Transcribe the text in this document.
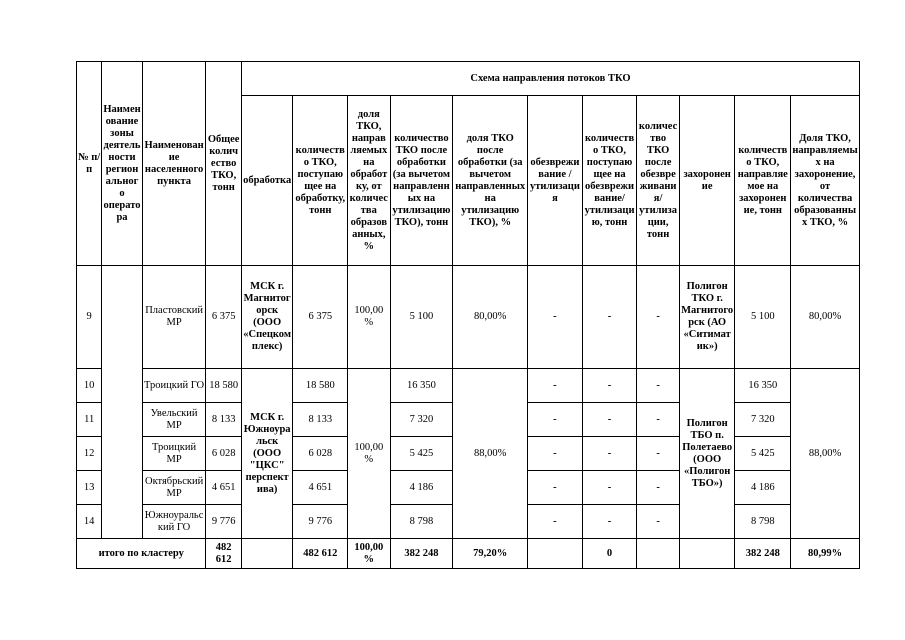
№ п/п	Наименование зоны деятельности регионального оператора	Наименование населенного пункта	Общее количество ТКО, тонн	Схема направления потоков ТКО										
				обработка	количество ТКО, поступающее на обработку, тонн	доля ТКО, направляемых на обработку, от количества образованных, %	количество ТКО после обработки (за вычетом направленных на утилизацию ТКО), тонн	доля ТКО после обработки (за вычетом направленных на утилизацию ТКО), %	обезвреживание / утилизация	количество ТКО, поступающее на обезвреживание/утилизацию, тонн	количество ТКО после обезвреживания/утилизации, тонн	захоронение	количество ТКО, направляемое на захоронение, тонн	Доля ТКО, направляемых на захоронение, от количества образованных ТКО, %
9		Пластовский МР	6 375	МСК г. Магнитогорск (ООО «Спецкомплекс)	6 375	100,00 %	5 100	80,00%	-	-	-	Полигон ТКО г. Магнитогорск (АО «Ситиматик»)	5 100	80,00%
10		Троицкий ГО	18 580	МСК г. Южноуральск (ООО "ЦКС" перспектива)	18 580	100,00 %	16 350	88,00%	-	-	-	Полигон ТБО п. Полетаево (ООО «Полигон ТБО»)	16 350	88,00%
11		Увельский МР	8 133		8 133		7 320		-	-	-		7 320	
12		Троицкий МР	6 028		6 028		5 425		-	-	-		5 425	
13		Октябрьский МР	4 651		4 651		4 186		-	-	-		4 186	
14		Южноуральский ГО	9 776		9 776		8 798		-	-	-		8 798	
итого по кластеру			482 612		482 612	100,00 %	382 248	79,20%		0			382 248	80,99%
